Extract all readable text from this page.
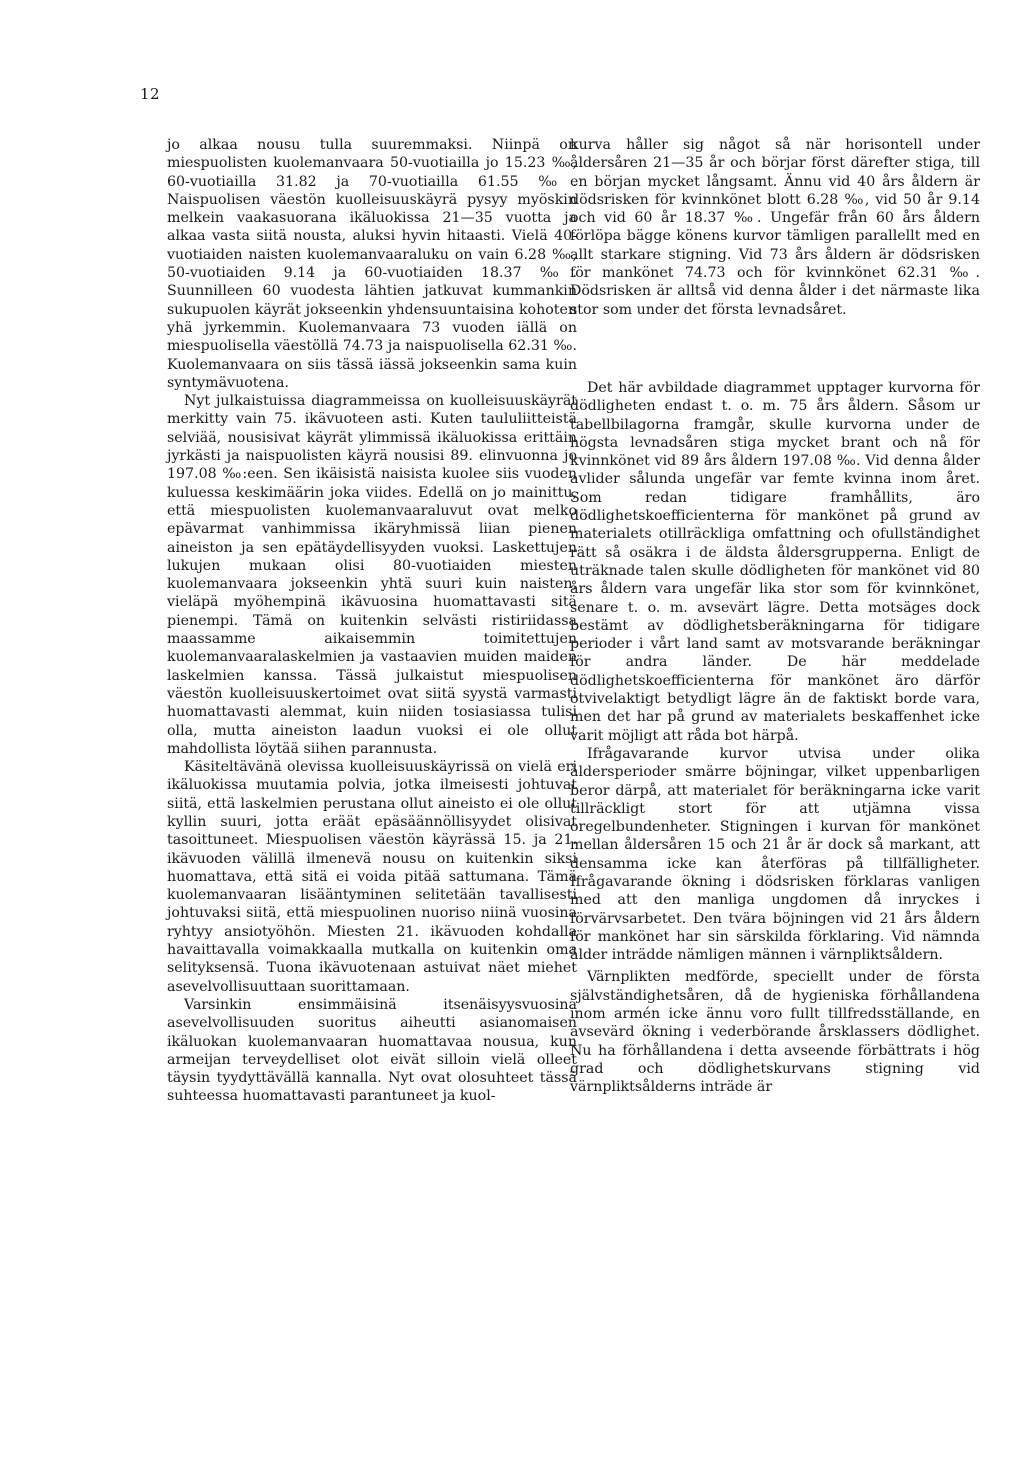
12

jo alkaa nousu tulla suuremmaksi. Niinpä on miespuolisten kuolemanvaara 50-vuotiailla jo 15.23 ‰, 60-vuotiailla 31.82 ja 70-vuotiailla 61.55 ‰. Naispuolisen väestön kuolleisuuskäyrä pysyy myöskin melkein vaakasuorana ikäluokissa 21—35 vuotta ja alkaa vasta siitä nousta, aluksi hyvin hitaasti. Vielä 40-vuotiaiden naisten kuolemanvaaraluku on vain 6.28 ‰, 50-vuotiaiden 9.14 ja 60-vuotiaiden 18.37 ‰. Suunnilleen 60 vuodesta lähtien jatkuvat kummankin sukupuolen käyrät jokseenkin yhdensuuntaisina kohoten yhä jyrkemmin. Kuolemanvaara 73 vuoden iällä on miespuolisella väestöllä 74.73 ja naispuolisella 62.31 ‰. Kuolemanvaara on siis tässä iässä jokseenkin sama kuin syntymävuotena.

Nyt julkaistuissa diagrammeissa on kuolleisuuskäyrät merkitty vain 75. ikävuoteen asti. Kuten taululiitteistä selviää, nousisivat käyrät ylimmissä ikäluokissa erittäin jyrkästi ja naispuolisten käyrä nousisi 89. elinvuonna jo 197.08 ‰:een. Sen ikäisistä naisista kuolee siis vuoden kuluessa keskimäärin joka viides. Edellä on jo mainittu, että miespuolisten kuolemanvaaraluvut ovat melko epävarmat vanhimmissa ikäryhmissä liian pienen aineiston ja sen epätäydellisyyden vuoksi. Laskettujen lukujen mukaan olisi 80-vuotiaiden miesten kuolemanvaara jokseenkin yhtä suuri kuin naisten, vieläpä myöhempinä ikävuosina huomattavasti sitä pienempi. Tämä on kuitenkin selvästi ristiriidassa maassamme aikaisemmin toimitettujen kuolemanvaaralaskelmien ja vastaavien muiden maiden laskelmien kanssa. Tässä julkaistut miespuolisen väestön kuolleisuuskertoimet ovat siitä syystä varmasti huomattavasti alemmat, kuin niiden tosiasiassa tulisi olla, mutta aineiston laadun vuoksi ei ole ollut mahdollista löytää siihen parannusta.

Käsiteltävänä olevissa kuolleisuuskäyrissä on vielä eri ikäluokissa muutamia polvia, jotka ilmeisesti johtuvat siitä, että laskelmien perustana ollut aineisto ei ole ollut kyllin suuri, jotta eräät epäsäännöllisyydet olisivat tasoittuneet. Miespuolisen väestön käyrässä 15. ja 21. ikävuoden välillä ilmenevä nousu on kuitenkin siksi huomattava, että sitä ei voida pitää sattumana. Tämä kuolemanvaaran lisääntyminen selitetään tavallisesti johtuvaksi siitä, että miespuolinen nuoriso niinä vuosina ryhtyy ansiotyöhön. Miesten 21. ikävuoden kohdalla havaittavalla voimakkaalla mutkalla on kuitenkin oma selityksensä. Tuona ikävuotenaan astuivat näet miehet asevelvollisuuttaan suorittamaan.

Varsinkin ensimmäisinä itsenäisyysvuosina asevelvollisuuden suoritus aiheutti asianomaisen ikäluokan kuolemanvaaran huomattavaa nousua, kun armeijan terveydelliset olot eivät silloin vielä olleet täysin tyydyttävällä kannalla. Nyt ovat olosuhteet tässä suhteessa huomattavasti parantuneet ja kuol-

kurva håller sig något så när horisontell under åldersåren 21—35 år och börjar först därefter stiga, till en början mycket långsamt. Ännu vid 40 års åldern är dödsrisken för kvinnkönet blott 6.28 ‰, vid 50 år 9.14 och vid 60 år 18.37 ‰. Ungefär från 60 års åldern förlöpa bägge könens kurvor tämligen parallellt med en allt starkare stigning. Vid 73 års åldern är dödsrisken för mankönet 74.73 och för kvinnkönet 62.31 ‰. Dödsrisken är alltså vid denna ålder i det närmaste lika stor som under det första levnadsåret.

Det här avbildade diagrammet upptager kurvorna för dödligheten endast t. o. m. 75 års åldern. Såsom ur tabellbilagorna framgår, skulle kurvorna under de högsta levnadsåren stiga mycket brant och nå för kvinnkönet vid 89 års åldern 197.08 ‰. Vid denna ålder avlider sålunda ungefär var femte kvinna inom året. Som redan tidigare framhållits, äro dödlighetskoefficienterna för mankönet på grund av materialets otillräckliga omfattning och ofullständighet rätt så osäkra i de äldsta åldersgrupperna. Enligt de uträknade talen skulle dödligheten för mankönet vid 80 års åldern vara ungefär lika stor som för kvinnkönet, senare t. o. m. avsevärt lägre. Detta motsäges dock bestämt av dödlighetsberäkningarna för tidigare perioder i vårt land samt av motsvarande beräkningar för andra länder. De här meddelade dödlighetskoefficienterna för mankönet äro därför otvivelaktigt betydligt lägre än de faktiskt borde vara, men det har på grund av materialets beskaffenhet icke varit möjligt att råda bot härpå.

Ifrågavarande kurvor utvisa under olika åldersperioder smärre böjningar, vilket uppenbarligen beror därpå, att materialet för beräkningarna icke varit tillräckligt stort för att utjämna vissa oregelbundenheter. Stigningen i kurvan för mankönet mellan åldersåren 15 och 21 år är dock så markant, att densamma icke kan återföras på tillfälligheter. Ifrågavarande ökning i dödsrisken förklaras vanligen med att den manliga ungdomen då inryckes i förvärvsarbetet. Den tvära böjningen vid 21 års åldern för mankönet har sin särskilda förklaring. Vid nämnda ålder inträdde nämligen männen i värnpliktsåldern.

Värnplikten medförde, speciellt under de första självständighetsåren, då de hygieniska förhållandena inom armén icke ännu voro fullt tillfredsställande, en avsevärd ökning i vederbörande årsklassers dödlighet. Nu ha förhållandena i detta avseende förbättrats i hög grad och dödlighetskurvans stigning vid värnpliktsålderns inträde är
